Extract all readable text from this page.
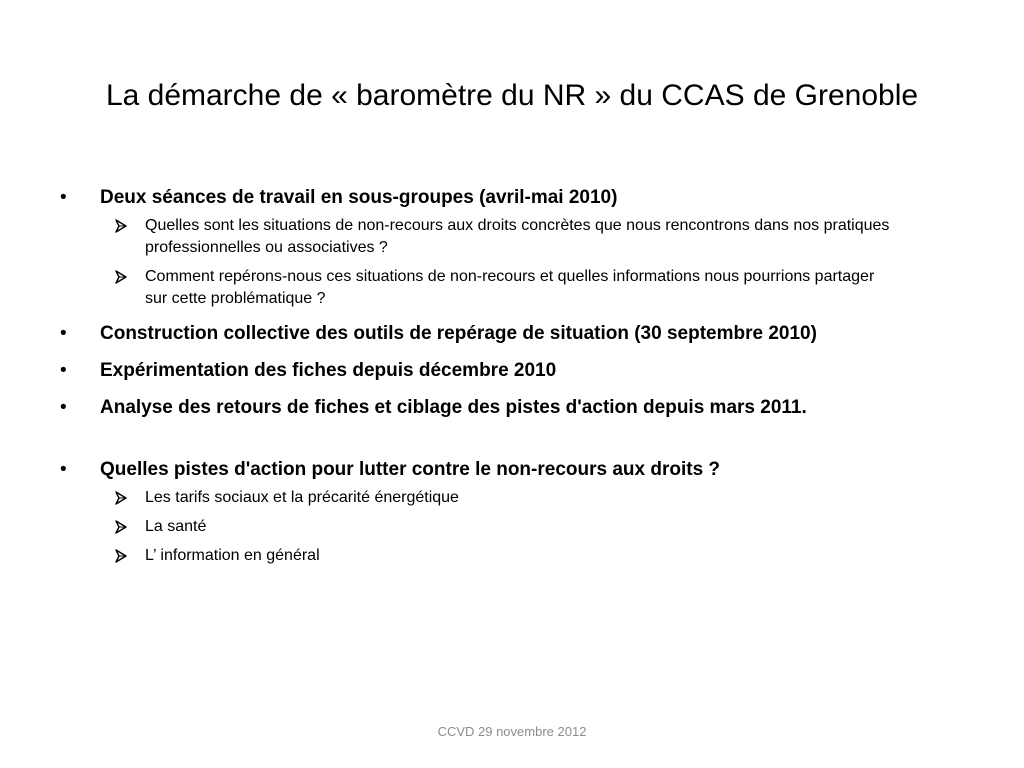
La démarche de « baromètre du NR » du CCAS de Grenoble
•	Deux séances de travail en sous-groupes (avril-mai 2010)
Quelles sont les situations de non-recours aux droits concrètes que nous rencontrons dans nos pratiques professionnelles ou associatives ?
Comment repérons-nous ces situations de non-recours et quelles informations nous pourrions partager sur cette problématique ?
•	Construction collective des outils de repérage de situation (30 septembre 2010)
•	Expérimentation des fiches depuis décembre 2010
•	Analyse des retours de fiches et ciblage des pistes d'action depuis mars 2011.
•	Quelles pistes d'action pour lutter contre le non-recours aux droits ?
Les tarifs sociaux et la précarité énergétique
La santé
L’ information en général
CCVD 29 novembre 2012
